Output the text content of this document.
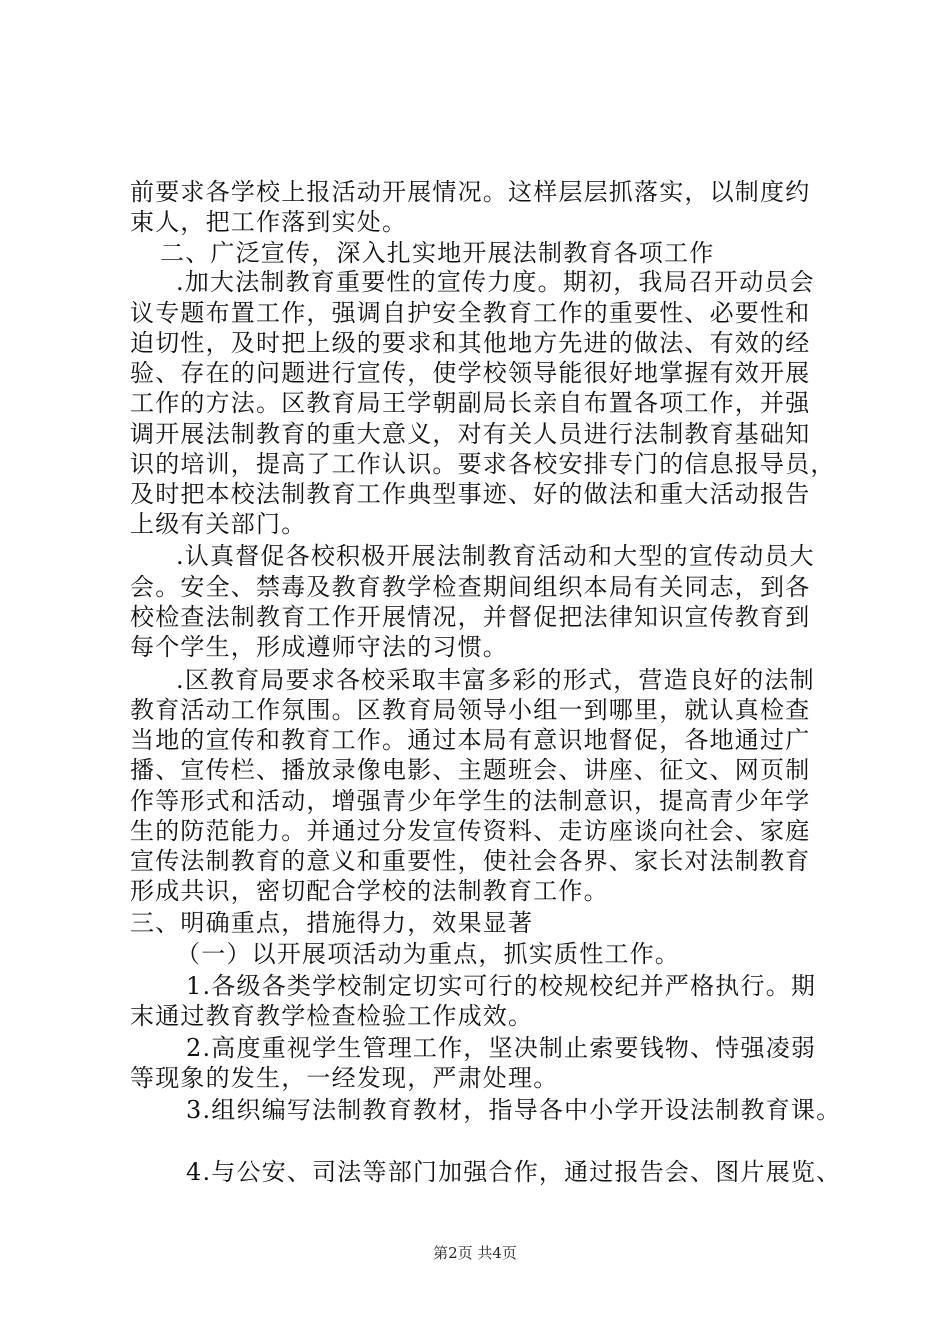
前要求各学校上报活动开展情况。这样层层抓落实，以制度约
束人，把工作落到实处。
二、广泛宣传，深入扎实地开展法制教育各项工作
.加大法制教育重要性的宣传力度。期初，我局召开动员会
议专题布置工作，强调自护安全教育工作的重要性、必要性和
迫切性，及时把上级的要求和其他地方先进的做法、有效的经
验、存在的问题进行宣传，使学校领导能很好地掌握有效开展
工作的方法。区教育局王学朝副局长亲自布置各项工作，并强
调开展法制教育的重大意义，对有关人员进行法制教育基础知
识的培训，提高了工作认识。要求各校安排专门的信息报导员，
及时把本校法制教育工作典型事迹、好的做法和重大活动报告
上级有关部门。
.认真督促各校积极开展法制教育活动和大型的宣传动员大
会。安全、禁毒及教育教学检查期间组织本局有关同志，到各
校检查法制教育工作开展情况，并督促把法律知识宣传教育到
每个学生，形成遵师守法的习惯。
.区教育局要求各校采取丰富多彩的形式，营造良好的法制
教育活动工作氛围。区教育局领导小组一到哪里，就认真检查
当地的宣传和教育工作。通过本局有意识地督促，各地通过广
播、宣传栏、播放录像电影、主题班会、讲座、征文、网页制
作等形式和活动，增强青少年学生的法制意识，提高青少年学
生的防范能力。并通过分发宣传资料、走访座谈向社会、家庭
宣传法制教育的意义和重要性，使社会各界、家长对法制教育
形成共识，密切配合学校的法制教育工作。
三、明确重点，措施得力，效果显著
（一）以开展项活动为重点，抓实质性工作。
1.各级各类学校制定切实可行的校规校纪并严格执行。期
末通过教育教学检查检验工作成效。
2.高度重视学生管理工作，坚决制止索要钱物、恃强凌弱
等现象的发生，一经发现，严肃处理。
3.组织编写法制教育教材，指导各中小学开设法制教育课。
4.与公安、司法等部门加强合作，通过报告会、图片展览、
第2页 共4页
